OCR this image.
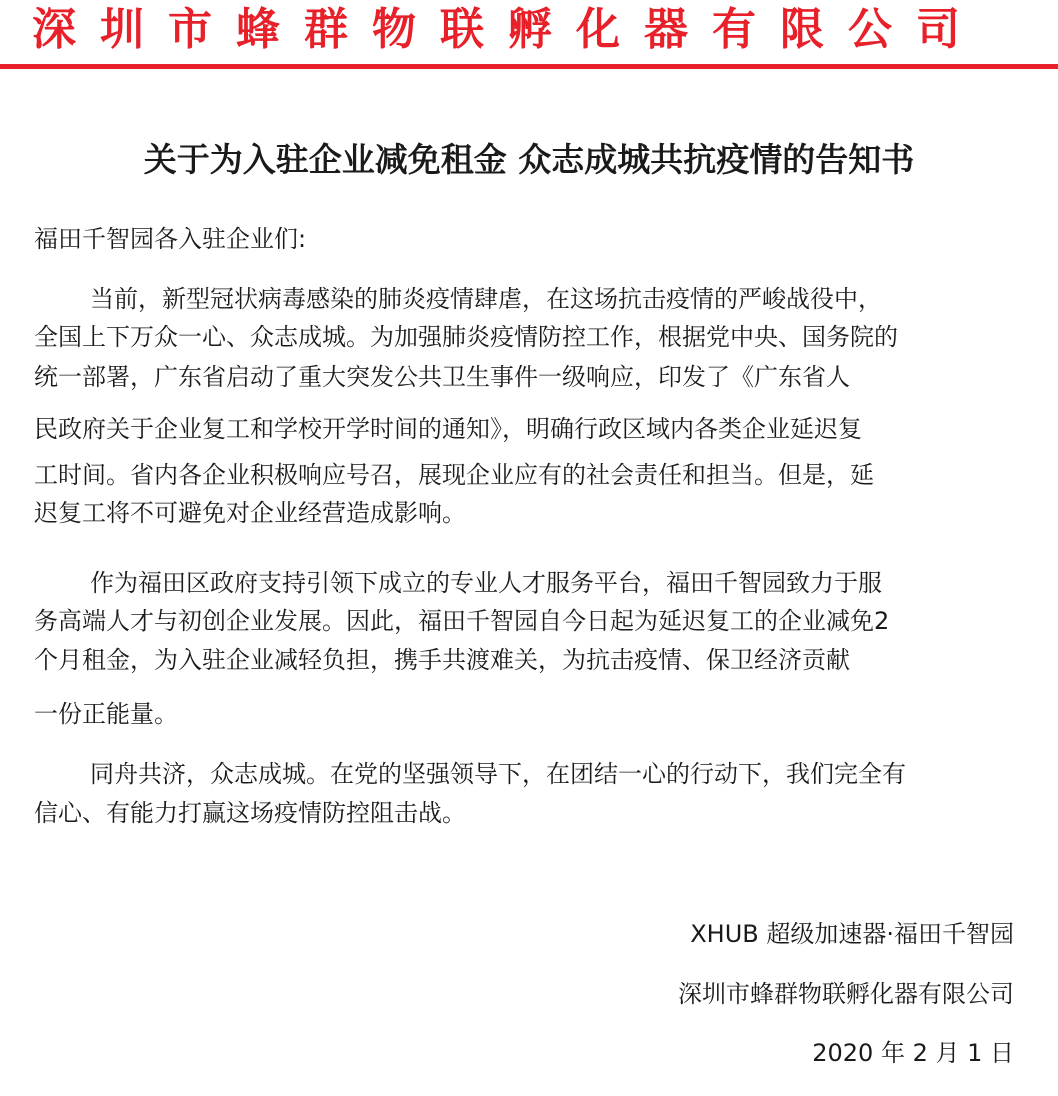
深圳市蜂群物联孵化器有限公司
关于为入驻企业减免租金 众志成城共抗疫情的告知书
福田千智园各入驻企业们:
当前，新型冠状病毒感染的肺炎疫情肆虐，在这场抗击疫情的严峻战役中，
全国上下万众一心、众志成城。为加强肺炎疫情防控工作，根据党中央、国务院的
统一部署，广东省启动了重大突发公共卫生事件一级响应，印发了《广东省人
民政府关于企业复工和学校开学时间的通知》，明确行政区域内各类企业延迟复
工时间。省内各企业积极响应号召，展现企业应有的社会责任和担当。但是，延
迟复工将不可避免对企业经营造成影响。
作为福田区政府支持引领下成立的专业人才服务平台，福田千智园致力于服
务高端人才与初创企业发展。因此，福田千智园自今日起为延迟复工的企业减免2
个月租金，为入驻企业减轻负担，携手共渡难关，为抗击疫情、保卫经济贡献
一份正能量。
同舟共济，众志成城。在党的坚强领导下，在团结一心的行动下，我们完全有
信心、有能力打赢这场疫情防控阻击战。
XHUB 超级加速器·福田千智园
深圳市蜂群物联孵化器有限公司
2020 年 2 月 1 日
